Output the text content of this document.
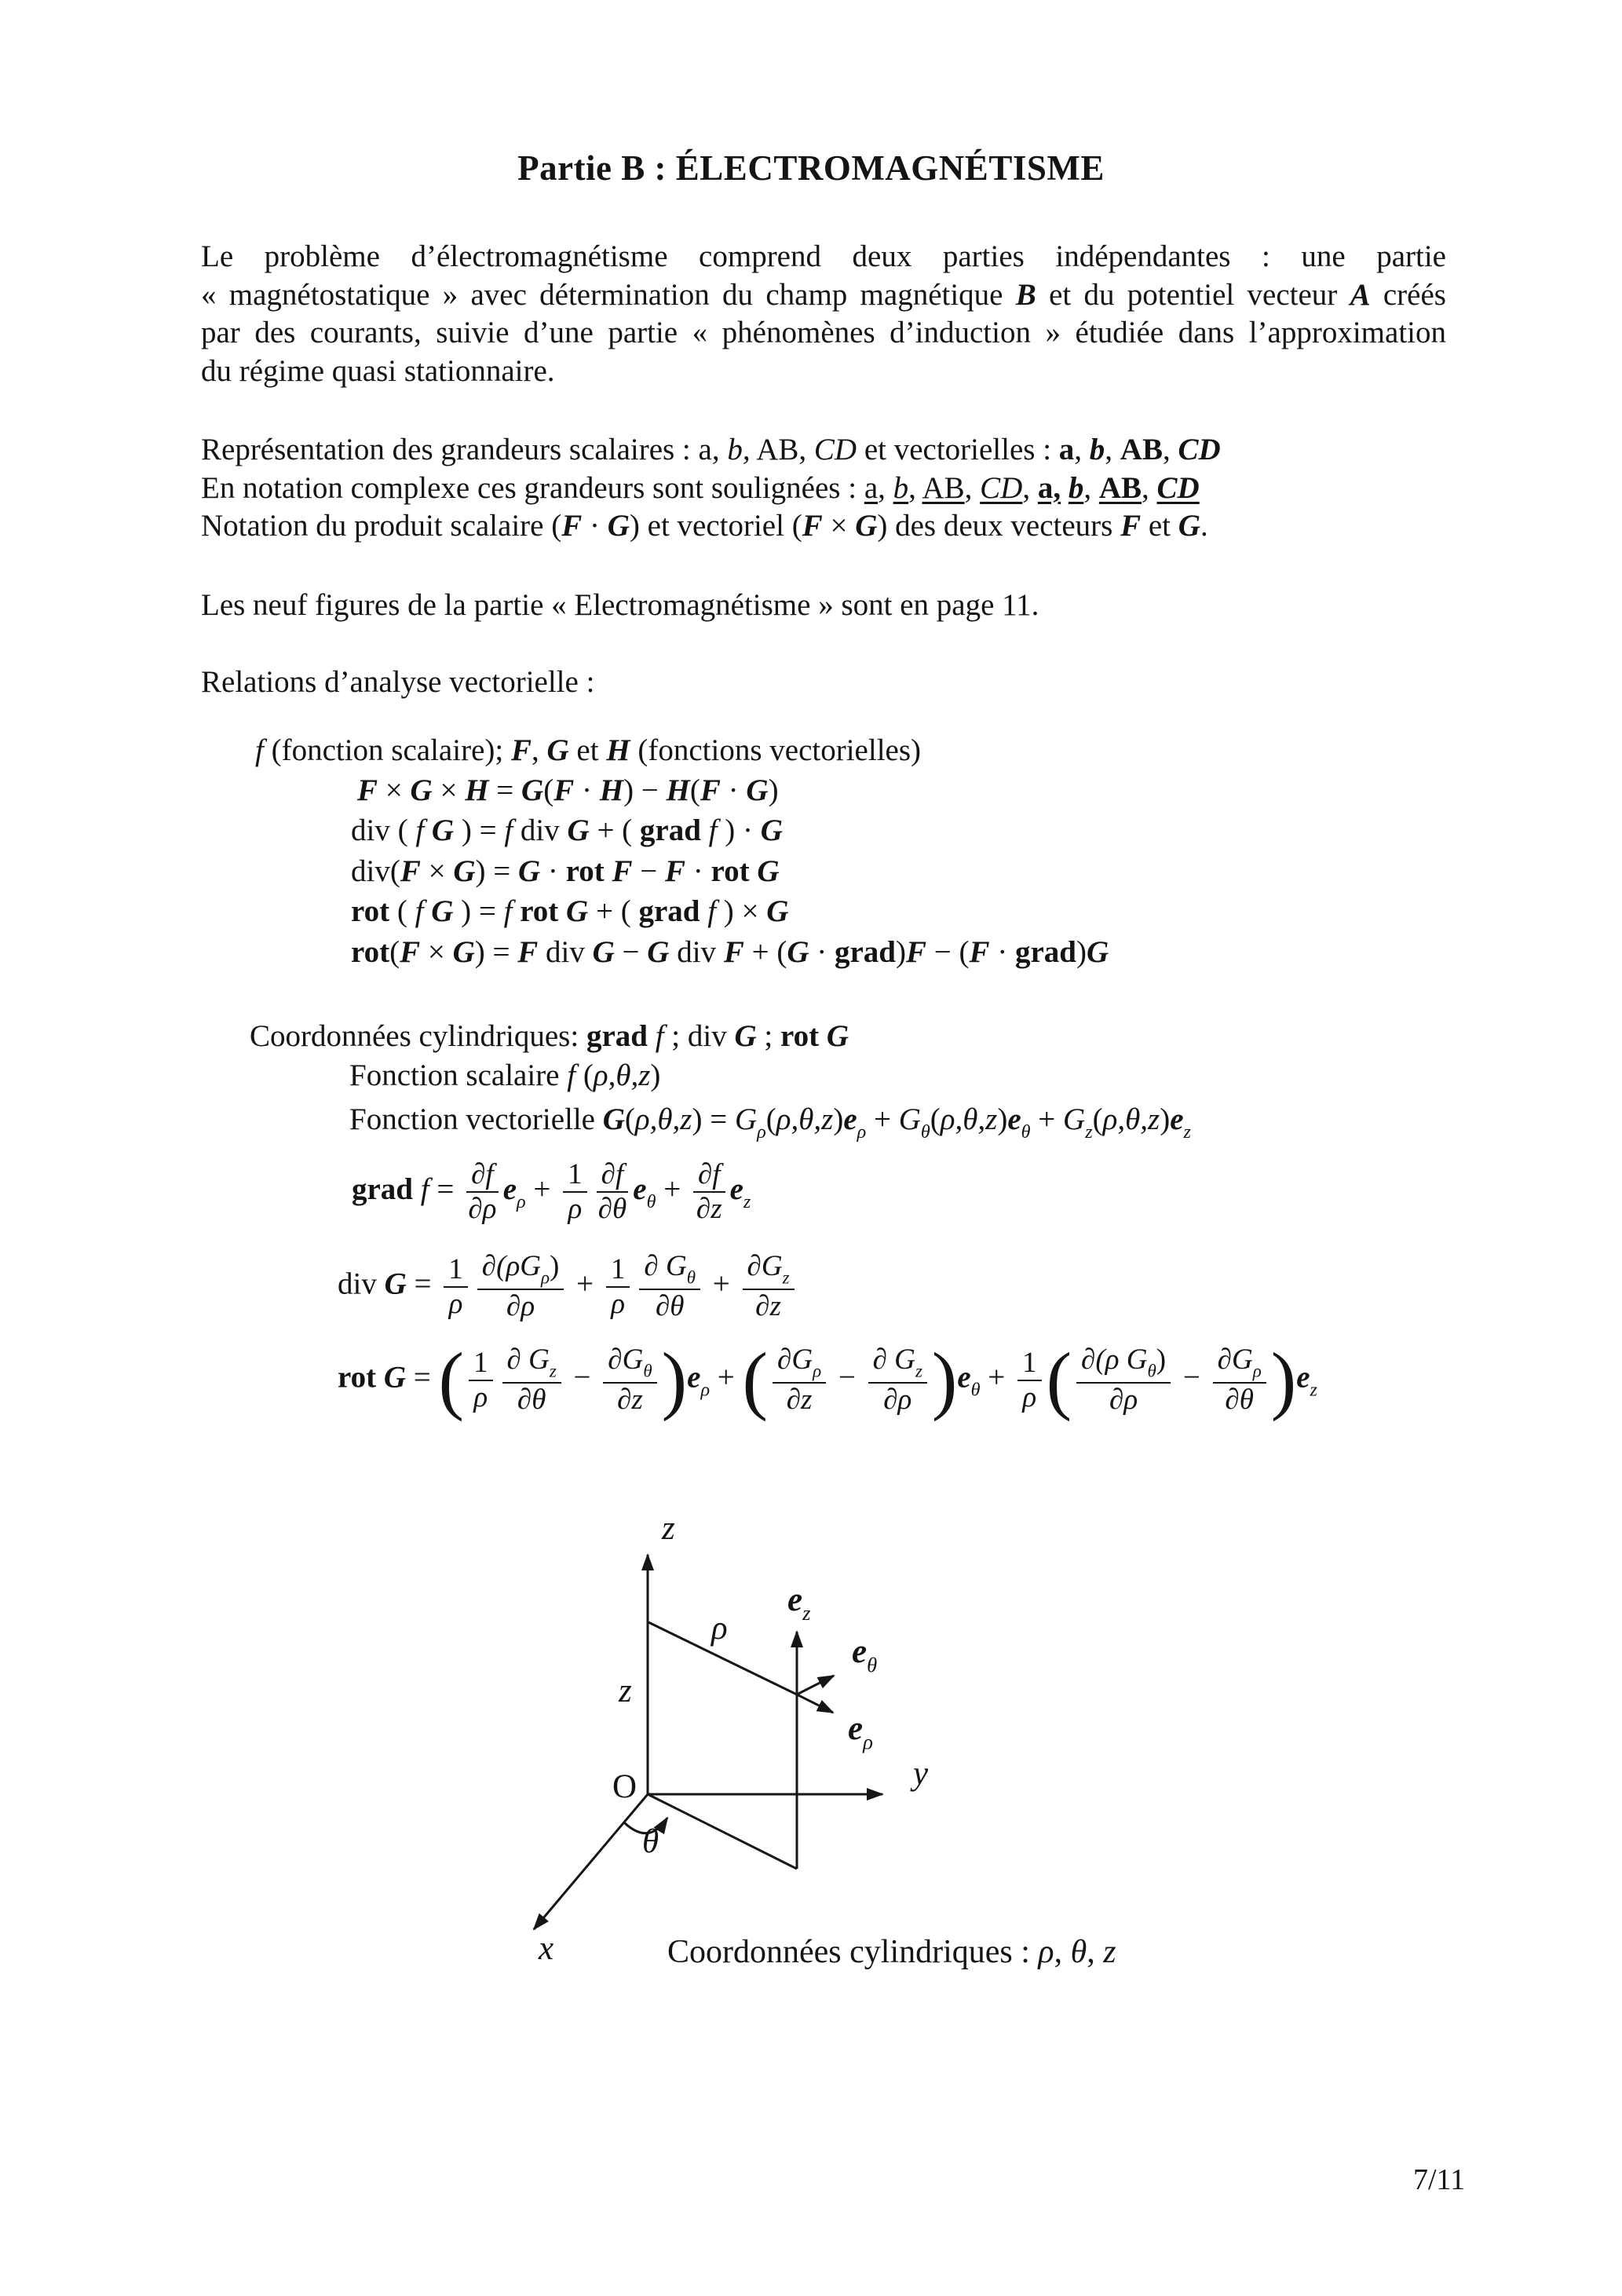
Partie B : ÉLECTROMAGNÉTISME
Le problème d’électromagnétisme comprend deux parties indépendantes : une partie
« magnétostatique » avec détermination du champ magnétique B et du potentiel vecteur A créés
par des courants, suivie d’une partie « phénomènes d’induction » étudiée dans l’approximation
du régime quasi stationnaire.
Représentation des grandeurs scalaires : a, b, AB, CD et vectorielles : a, b, AB, CD
En notation complexe ces grandeurs sont soulignées : a, b, AB, CD, a, b, AB, CD
Notation du produit scalaire (F · G) et vectoriel (F × G) des deux vecteurs F et G.
Les neuf figures de la partie « Electromagnétisme » sont en page 11.
Relations d’analyse vectorielle :
f (fonction scalaire); F, G et H (fonctions vectorielles)
F × G × H = G(F · H) − H(F · G)
div ( f G ) = f div G + ( grad f ) · G
div(F × G) = G · rot F − F · rot G
rot ( f G ) = f rot G + ( grad f ) × G
rot(F × G) = F div G − G div F + (G · grad)F − (F · grad)G
Coordonnées cylindriques: grad f ; div G ; rot G
Fonction scalaire f (ρ,θ,z)
Fonction vectorielle $G(\rho,\theta,z) = G_\rho(\rho,\theta,z)e_\rho + G_\theta(\rho,\theta,z)e_\theta + G_z(\rho,\theta,z)e_z$
grad $f = \frac{\partial f}{\partial\rho} e_\rho + \frac{1}{\rho} \frac{\partial f}{\partial\theta} e_\theta + \frac{\partial f}{\partial z} e_z$
div $G = \frac{1}{\rho} \frac{\partial(\rho G_\rho)}{\partial\rho} + \frac{1}{\rho} \frac{\partial G_\theta}{\partial\theta} + \frac{\partial G_z}{\partial z}$
rot G = ( $\frac{1}{\rho} \frac{\partial G_z}{\partial\theta} - \frac{\partial G_\theta}{\partial z} )e_\rho$ + ( $\frac{\partial G_\rho}{\partial z} - \frac{\partial G_z}{\partial\rho} )e_\theta + \frac{1}{\rho}$ ( $\frac{\partial(\rho G_\theta)}{\partial\rho} - \frac{\partial G_\rho}{\partial\theta} )e_z$
z
y
x
O
ρ
θ
z
$e_z$
$e_\theta$
$e_\rho$
Coordonnées cylindriques : ρ, θ, z
7/11
